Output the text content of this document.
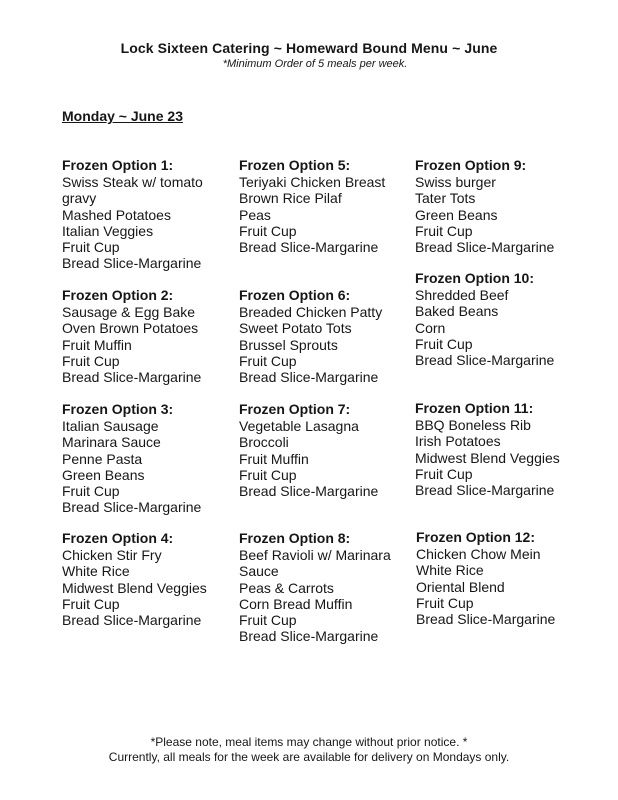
Lock Sixteen Catering ~ Homeward Bound Menu ~ June
*Minimum Order of 5 meals per week.
Monday ~ June 23
Frozen Option 1:
Swiss Steak w/ tomato
gravy
Mashed Potatoes
Italian Veggies
Fruit Cup
Bread Slice-Margarine
Frozen Option 2:
Sausage & Egg Bake
Oven Brown Potatoes
Fruit Muffin
Fruit Cup
Bread Slice-Margarine
Frozen Option 3:
Italian Sausage
Marinara Sauce
Penne Pasta
Green Beans
Fruit Cup
Bread Slice-Margarine
Frozen Option 4:
Chicken Stir Fry
White Rice
Midwest Blend Veggies
Fruit Cup
Bread Slice-Margarine
Frozen Option 5:
Teriyaki Chicken Breast
Brown Rice Pilaf
Peas
Fruit Cup
Bread Slice-Margarine
Frozen Option 6:
Breaded Chicken Patty
Sweet Potato Tots
Brussel Sprouts
Fruit Cup
Bread Slice-Margarine
Frozen Option 7:
Vegetable Lasagna
Broccoli
Fruit Muffin
Fruit Cup
Bread Slice-Margarine
Frozen Option 8:
Beef Ravioli w/ Marinara
Sauce
Peas & Carrots
Corn Bread Muffin
Fruit Cup
Bread Slice-Margarine
Frozen Option 9:
Swiss burger
Tater Tots
Green Beans
Fruit Cup
Bread Slice-Margarine
Frozen Option 10:
Shredded Beef
Baked Beans
Corn
Fruit Cup
Bread Slice-Margarine
Frozen Option 11:
BBQ Boneless Rib
Irish Potatoes
Midwest Blend Veggies
Fruit Cup
Bread Slice-Margarine
Frozen Option 12:
Chicken Chow Mein
White Rice
Oriental Blend
Fruit Cup
Bread Slice-Margarine
*Please note, meal items may change without prior notice. *
Currently, all meals for the week are available for delivery on Mondays only.
